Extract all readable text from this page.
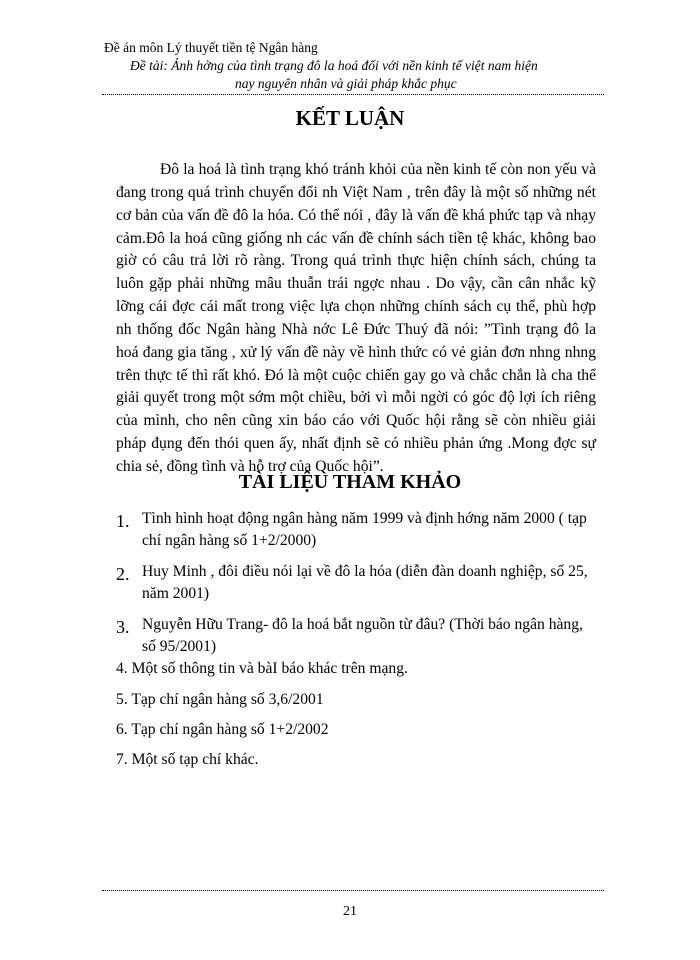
Đề án môn Lý thuyết tiền tệ Ngân hàng
Đề tài: Ảnh hởng của tình trạng đô la hoá đối với nền kinh tế việt nam hiện
nay nguyên nhân và giải pháp khắc phục
KẾT LUẬN

Đô la hoá là tình trạng khó tránh khỏi của nền kinh tế còn non yếu và đang trong quá trình chuyển đổi nh Việt Nam , trên đây là một số những nét cơ bản của vấn đề đô la hóa. Có thể nói , đây là vấn đề khá phức tạp và nhạy cảm.Đô la hoá cũng giống nh các vấn đề chính sách tiền tệ khác, không bao giờ có câu trả lời rõ ràng. Trong quá trình thực hiện chính sách, chúng ta luôn gặp phải những mâu thuẫn trái ngợc nhau . Do vậy, cần cân nhắc kỹ lỡng cái đợc cái mất trong việc lựa chọn những chính sách cụ thể, phù hợp nh thống đốc Ngân hàng Nhà nớc Lê Đức Thuý đã nói: ”Tình trạng đô la hoá đang gia tăng , xử lý vấn đề này về hình thức có vẻ giản đơn nhng nhng trên thực tế thì rất khó. Đó là một cuộc chiến gay go và chắc chắn là cha thể giải quyết trong một sớm một chiều, bởi vì mỗi ngời có góc độ lợi ích riêng của mình, cho nên cũng xin báo cáo với Quốc hội rằng sẽ còn nhiều giải pháp đụng đến thói quen ấy, nhất định sẽ có nhiều phản ứng .Mong đợc sự chia sẻ, đồng tình và hỗ trợ của Quốc hội”.

TÀI LIỆU THAM KHẢO
1. Tình hình hoạt động ngân hàng năm 1999 và định hớng năm 2000 ( tạp chí ngân hàng số 1+2/2000)
2. Huy Minh , đôi điều nói lại về đô la hóa (diễn đàn doanh nghiệp, số 25, năm 2001)
3. Nguyễn Hữu Trang- đô la hoá bắt nguồn từ đâu? (Thời báo ngân hàng, số 95/2001)
4. Một số thông tin và bàI báo khác trên mạng.
5. Tạp chí ngân hàng số 3,6/2001
6. Tạp chí ngân hàng số 1+2/2002
7. Một số tạp chí khác.
21
